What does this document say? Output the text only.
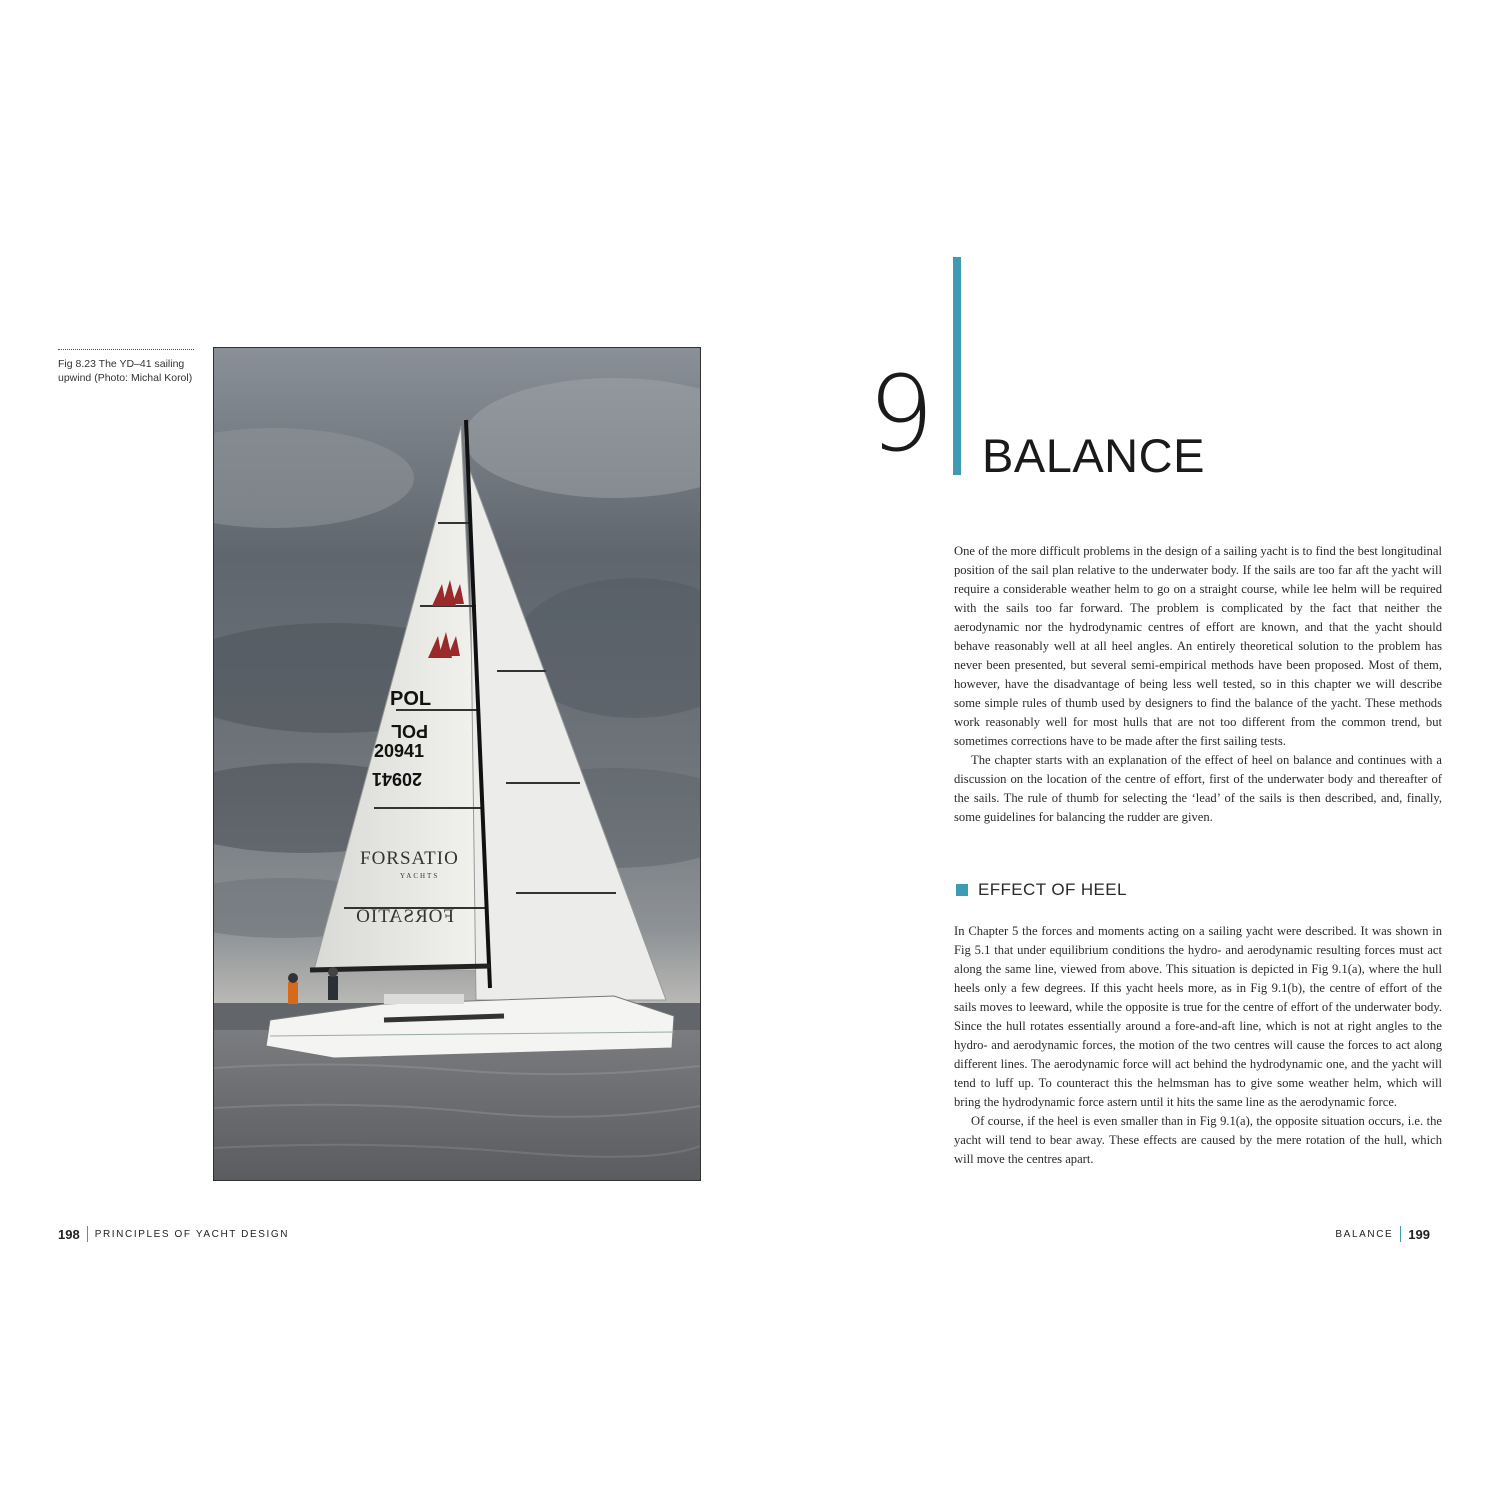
Fig 8.23 The YD–41 sailing upwind (Photo: Michal Korol)
POL
POL
20941
20941
FORSATIO
YACHTS
FORSATIO
198 PRINCIPLES OF YACHT DESIGN
9 BALANCE

One of the more difficult problems in the design of a sailing yacht is to find the best longitudinal position of the sail plan relative to the underwater body. If the sails are too far aft the yacht will require a considerable weather helm to go on a straight course, while lee helm will be required with the sails too far forward. The problem is complicated by the fact that neither the aerodynamic nor the hydrodynamic centres of effort are known, and that the yacht should behave reasonably well at all heel angles. An entirely theoretical solution to the problem has never been presented, but several semi-empirical methods have been proposed. Most of them, however, have the disadvantage of being less well tested, so in this chapter we will describe some simple rules of thumb used by designers to find the balance of the yacht. These methods work reasonably well for most hulls that are not too different from the common trend, but sometimes corrections have to be made after the first sailing tests.

The chapter starts with an explanation of the effect of heel on balance and continues with a discussion on the location of the centre of effort, first of the underwater body and thereafter of the sails. The rule of thumb for selecting the ‘lead’ of the sails is then described, and, finally, some guidelines for balancing the rudder are given.

EFFECT OF HEEL

In Chapter 5 the forces and moments acting on a sailing yacht were described. It was shown in Fig 5.1 that under equilibrium conditions the hydro- and aerodynamic resulting forces must act along the same line, viewed from above. This situation is depicted in Fig 9.1(a), where the hull heels only a few degrees. If this yacht heels more, as in Fig 9.1(b), the centre of effort of the sails moves to leeward, while the opposite is true for the centre of effort of the underwater body. Since the hull rotates essentially around a fore-and-aft line, which is not at right angles to the hydro- and aerodynamic forces, the motion of the two centres will cause the forces to act along different lines. The aerodynamic force will act behind the hydrodynamic one, and the yacht will tend to luff up. To counteract this the helmsman has to give some weather helm, which will bring the hydrodynamic force astern until it hits the same line as the aerodynamic force.

Of course, if the heel is even smaller than in Fig 9.1(a), the opposite situation occurs, i.e. the yacht will tend to bear away. These effects are caused by the mere rotation of the hull, which will move the centres apart.

BALANCE 199
